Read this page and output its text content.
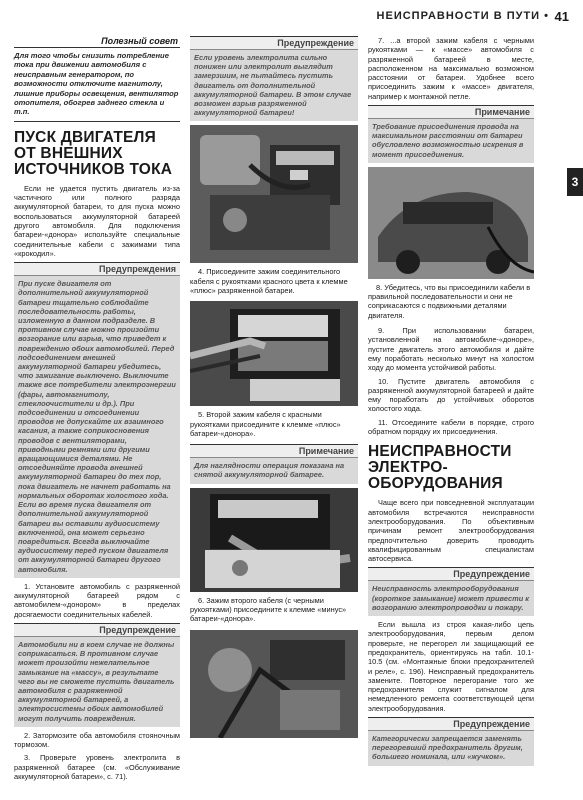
НЕИСПРАВНОСТИ В ПУТИ • 41
3
Полезный совет
Для того чтобы снизить потребление тока при движении автомобиля с неисправным генератором, по возможности отключите магнитолу, лишние приборы освещения, вентилятор отопителя, обогрев заднего стекла и т.п.
ПУСК ДВИГАТЕЛЯ ОТ ВНЕШНИХ ИСТОЧНИКОВ ТОКА

Если не удается пустить двигатель из-за частичного или полного разряда аккумуляторной батареи, то для пуска можно воспользоваться аккумуляторной батареей другого автомобиля. Для подключения батареи-«донора» используйте специальные соединительные кабели с зажимами типа «крокодил».

Предупреждения
При пуске двигателя от дополнительной аккумуляторной батареи тщательно соблюдайте последовательность работы, изложенную в данном подразделе. В противном случае можно произойти возгорание или взрыв, что приведет к повреждению обоих автомобилей. Перед подсоединением внешней аккумуляторной батареи убедитесь, что зажигание выключено. Выключите также все потребители электроэнергии (фары, автомагнитолу, стеклоочистители и др.). При подсоединении и отсоединении проводов не допускайте их взаимного касания, а также соприкосновения проводов с вентиляторами, приводными ремнями или другими вращающимися деталями. Не отсоединяйте провода внешней аккумуляторной батареи до тех пор, пока двигатель не начнет работать на нормальных оборотах холостого хода. Если во время пуска двигателя от дополнительной аккумуляторной батареи вы оставили аудиосистему включенной, она может серьезно повредиться. Всегда выключайте аудиосистему перед пуском двигателя от аккумуляторной батареи другого автомобиля.

1. Установите автомобиль с разряженной аккумуляторной батареей рядом с автомобилем-«донором» в пределах досягаемости соединительных кабелей.

Предупреждение
Автомобили ни в коем случае не должны соприкасаться. В противном случае может произойти нежелательное замыкание на «массу», в результате чего вы не сможете пустить двигатель автомобиля с разряженной аккумуляторной батареей, а электросистемы обоих автомобилей могут получить повреждения.

2. Затормозите оба автомобиля стояночным тормозом.

3. Проверьте уровень электролита в разряженной батарее (см. «Обслуживание аккумуляторной батареи», с. 71).

Предупреждение
Если уровень электролита сильно понижен или электролит выглядит замерзшим, не пытайтесь пустить двигатель от дополнительной аккумуляторной батареи. В этом случае возможен взрыв разряженной аккумуляторной батареи!

4. Присоедините зажим соединительного кабеля с рукоятками красного цвета к клемме «плюс» разряженной батареи.

5. Второй зажим кабеля с красными рукоятками присоедините к клемме «плюс» батареи-«донора».

Примечание
Для наглядности операция показана на снятой аккумуляторной батарее.

6. Зажим второго кабеля (с черными рукоятками) присоедините к клемме «минус» батареи-«донора».

7. ...а второй зажим кабеля с черными рукоятками — к «массе» автомобиля с разряженной батареей в месте, расположенном на максимально возможном расстоянии от батареи. Удобнее всего присоединить зажим к «массе» двигателя, например к монтажной петле.

Примечание
Требование присоединения провода на максимальном расстоянии от батареи обусловлено возможностью искрения в момент присоединения.

8. Убедитесь, что вы присоединили кабели в правильной последовательности и они не соприкасаются с подвижными деталями двигателя.

9. При использовании батареи, установленной на автомобиле-«доноре», пустите двигатель этого автомобиля и дайте ему поработать несколько минут на холостом ходу до момента устойчивой работы.

10. Пустите двигатель автомобиля с разряженной аккумуляторной батареей и дайте ему поработать до устойчивых оборотов холостого хода.

11. Отсоедините кабели в порядке, строго обратном порядку их присоединения.

НЕИСПРАВНОСТИ ЭЛЕКТРО- ОБОРУДОВАНИЯ

Чаще всего при повседневной эксплуатации автомобиля встречаются неисправности электрооборудования. По объективным причинам ремонт электрооборудования предпочтительно доверить проводить квалифицированным специалистам автосервиса.

Предупреждение
Неисправность электрооборудования (короткое замыкание) может привести к возгоранию электропроводки и пожару.

Если вышла из строя какая-либо цепь электрооборудования, первым делом проверьте, не перегорел ли защищающий ее предохранитель, ориентируясь на табл. 10.1-10.5 (см. «Монтажные блоки предохранителей и реле», с. 196). Неисправный предохранитель замените. Повторное перегорание того же предохранителя служит сигналом для немедленного ремонта соответствующей цепи электрооборудования.

Предупреждение
Категорически запрещается заменять перегоревший предохранитель другим, большего номинала, или «жучком».
